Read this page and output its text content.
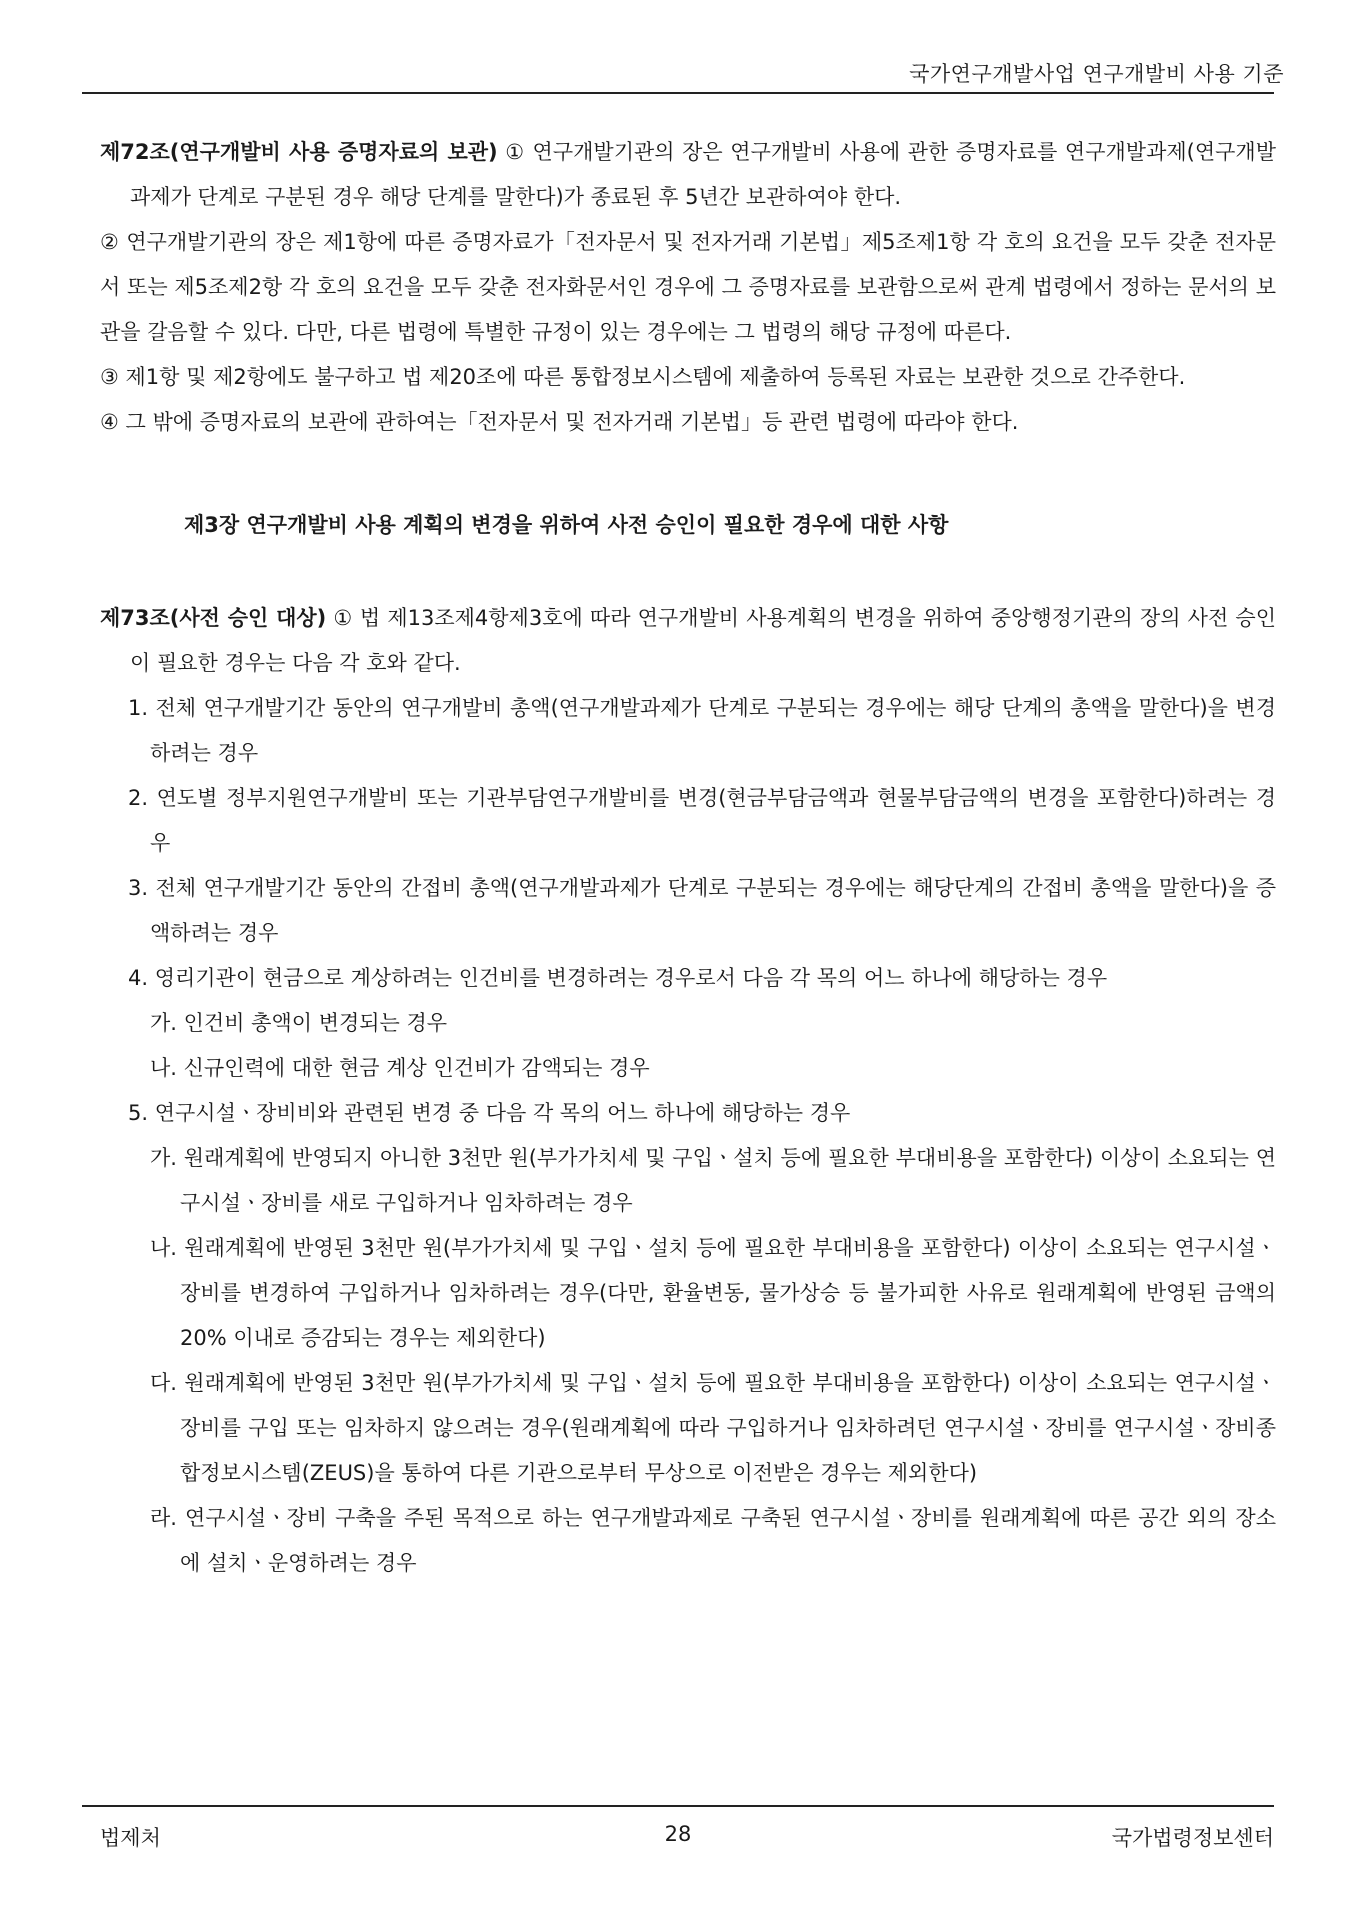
국가연구개발사업 연구개발비 사용 기준

제72조(연구개발비 사용 증명자료의 보관) ① 연구개발기관의 장은 연구개발비 사용에 관한 증명자료를 연구개발과제(연구개발과제가 단계로 구분된 경우 해당 단계를 말한다)가 종료된 후 5년간 보관하여야 한다.

② 연구개발기관의 장은 제1항에 따른 증명자료가「전자문서 및 전자거래 기본법」제5조제1항 각 호의 요건을 모두 갖춘 전자문서 또는 제5조제2항 각 호의 요건을 모두 갖춘 전자화문서인 경우에 그 증명자료를 보관함으로써 관계 법령에서 정하는 문서의 보관을 갈음할 수 있다. 다만, 다른 법령에 특별한 규정이 있는 경우에는 그 법령의 해당 규정에 따른다.

③ 제1항 및 제2항에도 불구하고 법 제20조에 따른 통합정보시스템에 제출하여 등록된 자료는 보관한 것으로 간주한다.

④ 그 밖에 증명자료의 보관에 관하여는「전자문서 및 전자거래 기본법」등 관련 법령에 따라야 한다.

제3장 연구개발비 사용 계획의 변경을 위하여 사전 승인이 필요한 경우에 대한 사항

제73조(사전 승인 대상) ① 법 제13조제4항제3호에 따라 연구개발비 사용계획의 변경을 위하여 중앙행정기관의 장의 사전 승인이 필요한 경우는 다음 각 호와 같다.

1. 전체 연구개발기간 동안의 연구개발비 총액(연구개발과제가 단계로 구분되는 경우에는 해당 단계의 총액을 말한다)을 변경하려는 경우

2. 연도별 정부지원연구개발비 또는 기관부담연구개발비를 변경(현금부담금액과 현물부담금액의 변경을 포함한다)하려는 경우

3. 전체 연구개발기간 동안의 간접비 총액(연구개발과제가 단계로 구분되는 경우에는 해당단계의 간접비 총액을 말한다)을 증액하려는 경우

4. 영리기관이 현금으로 계상하려는 인건비를 변경하려는 경우로서 다음 각 목의 어느 하나에 해당하는 경우

가. 인건비 총액이 변경되는 경우

나. 신규인력에 대한 현금 계상 인건비가 감액되는 경우

5. 연구시설ㆍ장비비와 관련된 변경 중 다음 각 목의 어느 하나에 해당하는 경우

가. 원래계획에 반영되지 아니한 3천만 원(부가가치세 및 구입ㆍ설치 등에 필요한 부대비용을 포함한다) 이상이 소요되는 연구시설ㆍ장비를 새로 구입하거나 임차하려는 경우

나. 원래계획에 반영된 3천만 원(부가가치세 및 구입ㆍ설치 등에 필요한 부대비용을 포함한다) 이상이 소요되는 연구시설ㆍ장비를 변경하여 구입하거나 임차하려는 경우(다만, 환율변동, 물가상승 등 불가피한 사유로 원래계획에 반영된 금액의 20% 이내로 증감되는 경우는 제외한다)

다. 원래계획에 반영된 3천만 원(부가가치세 및 구입ㆍ설치 등에 필요한 부대비용을 포함한다) 이상이 소요되는 연구시설ㆍ장비를 구입 또는 임차하지 않으려는 경우(원래계획에 따라 구입하거나 임차하려던 연구시설ㆍ장비를 연구시설ㆍ장비종합정보시스템(ZEUS)을 통하여 다른 기관으로부터 무상으로 이전받은 경우는 제외한다)

라. 연구시설ㆍ장비 구축을 주된 목적으로 하는 연구개발과제로 구축된 연구시설ㆍ장비를 원래계획에 따른 공간 외의 장소에 설치ㆍ운영하려는 경우

법제처	28	국가법령정보센터
